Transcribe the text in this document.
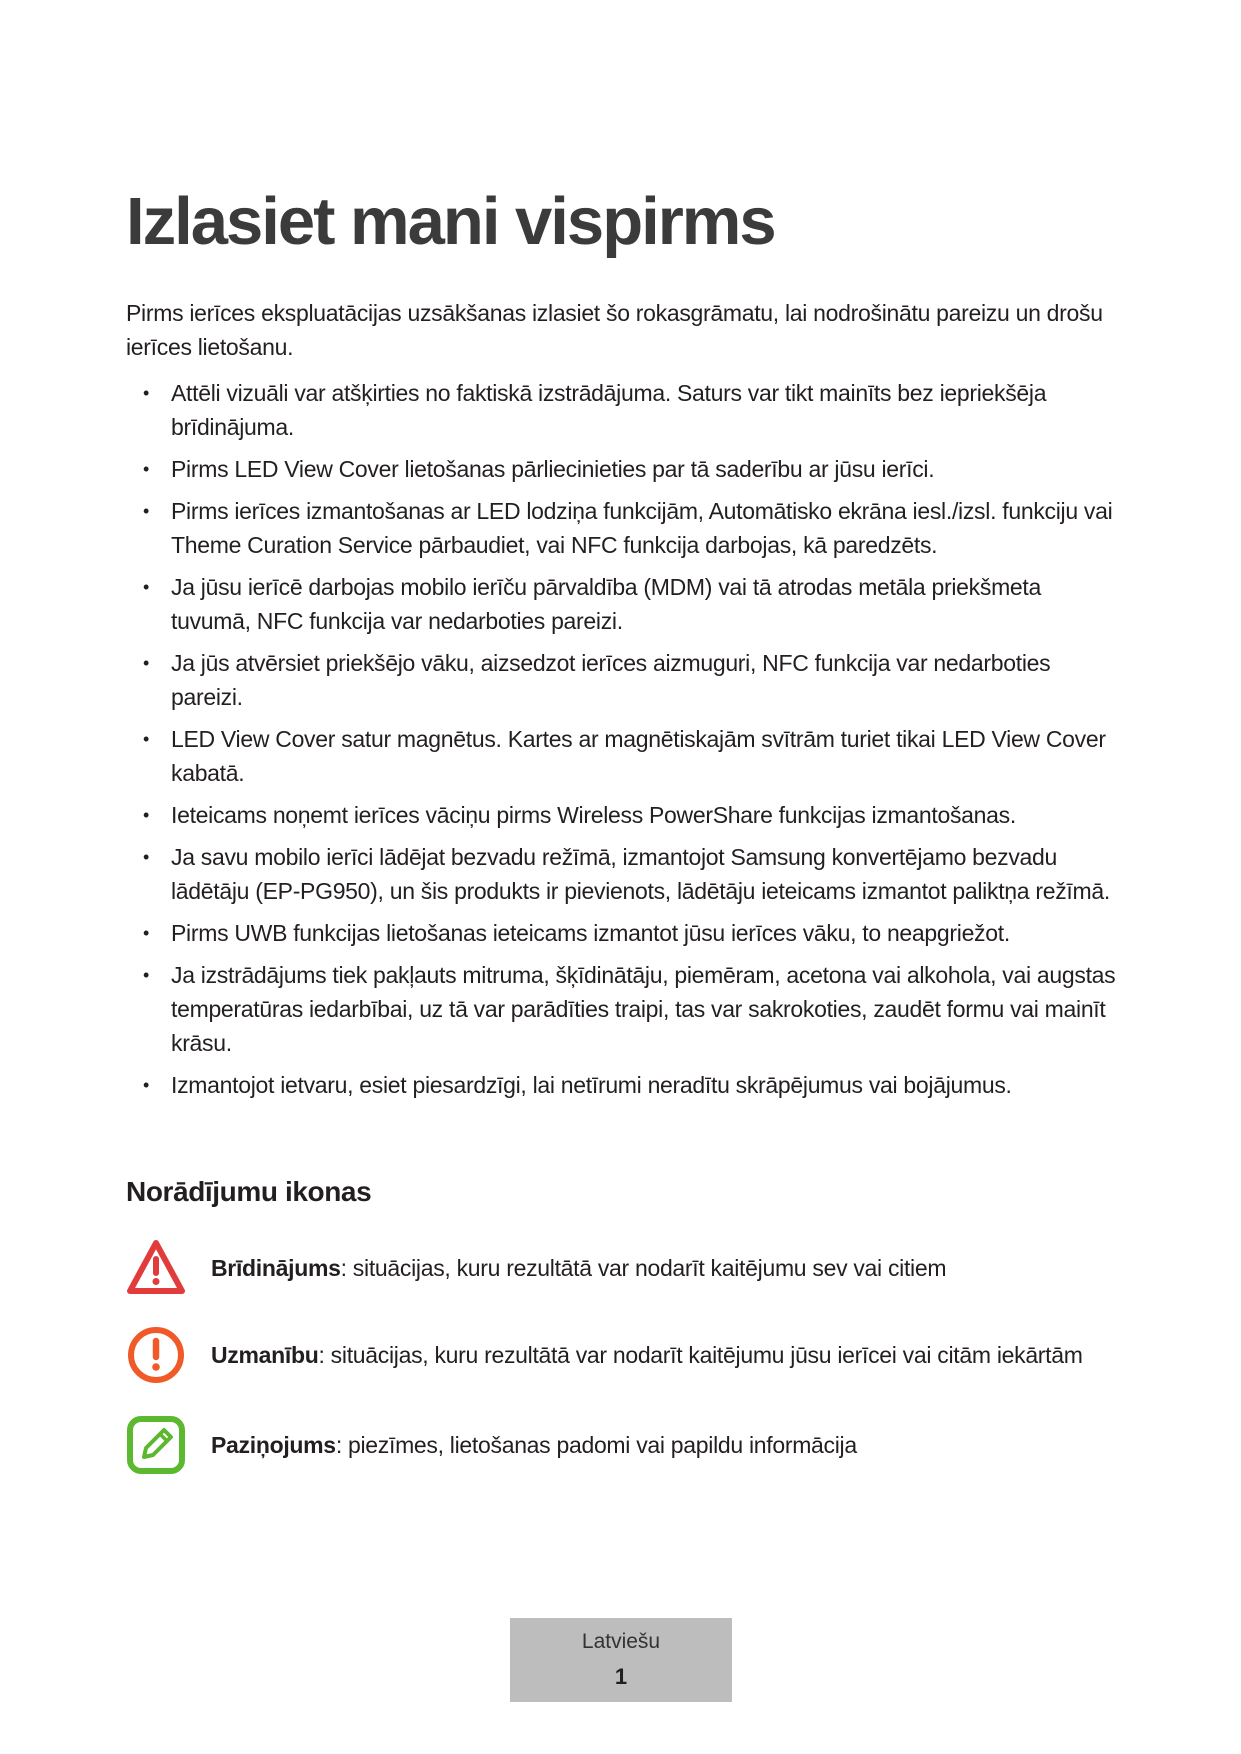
Izlasiet mani vispirms

Pirms ierīces ekspluatācijas uzsākšanas izlasiet šo rokasgrāmatu, lai nodrošinātu pareizu un drošu ierīces lietošanu.

• Attēli vizuāli var atšķirties no faktiskā izstrādājuma. Saturs var tikt mainīts bez iepriekšēja brīdinājuma.
• Pirms LED View Cover lietošanas pārliecinieties par tā saderību ar jūsu ierīci.
• Pirms ierīces izmantošanas ar LED lodziņa funkcijām, Automātisko ekrāna iesl./izsl. funkciju vai Theme Curation Service pārbaudiet, vai NFC funkcija darbojas, kā paredzēts.
• Ja jūsu ierīcē darbojas mobilo ierīču pārvaldība (MDM) vai tā atrodas metāla priekšmeta tuvumā, NFC funkcija var nedarboties pareizi.
• Ja jūs atvērsiet priekšējo vāku, aizsedzot ierīces aizmuguri, NFC funkcija var nedarboties pareizi.
• LED View Cover satur magnētus. Kartes ar magnētiskajām svītrām turiet tikai LED View Cover kabatā.
• Ieteicams noņemt ierīces vāciņu pirms Wireless PowerShare funkcijas izmantošanas.
• Ja savu mobilo ierīci lādējat bezvadu režīmā, izmantojot Samsung konvertējamo bezvadu lādētāju (EP-PG950), un šis produkts ir pievienots, lādētāju ieteicams izmantot paliktņa režīmā.
• Pirms UWB funkcijas lietošanas ieteicams izmantot jūsu ierīces vāku, to neapgriežot.
• Ja izstrādājums tiek pakļauts mitruma, šķīdinātāju, piemēram, acetona vai alkohola, vai augstas temperatūras iedarbībai, uz tā var parādīties traipi, tas var sakrokoties, zaudēt formu vai mainīt krāsu.
• Izmantojot ietvaru, esiet piesardzīgi, lai netīrumi neradītu skrāpējumus vai bojājumus.
Norādījumu ikonas
Brīdinājums: situācijas, kuru rezultātā var nodarīt kaitējumu sev vai citiem
Uzmanību: situācijas, kuru rezultātā var nodarīt kaitējumu jūsu ierīcei vai citām iekārtām
Paziņojums: piezīmes, lietošanas padomi vai papildu informācija
Latviešu
1
